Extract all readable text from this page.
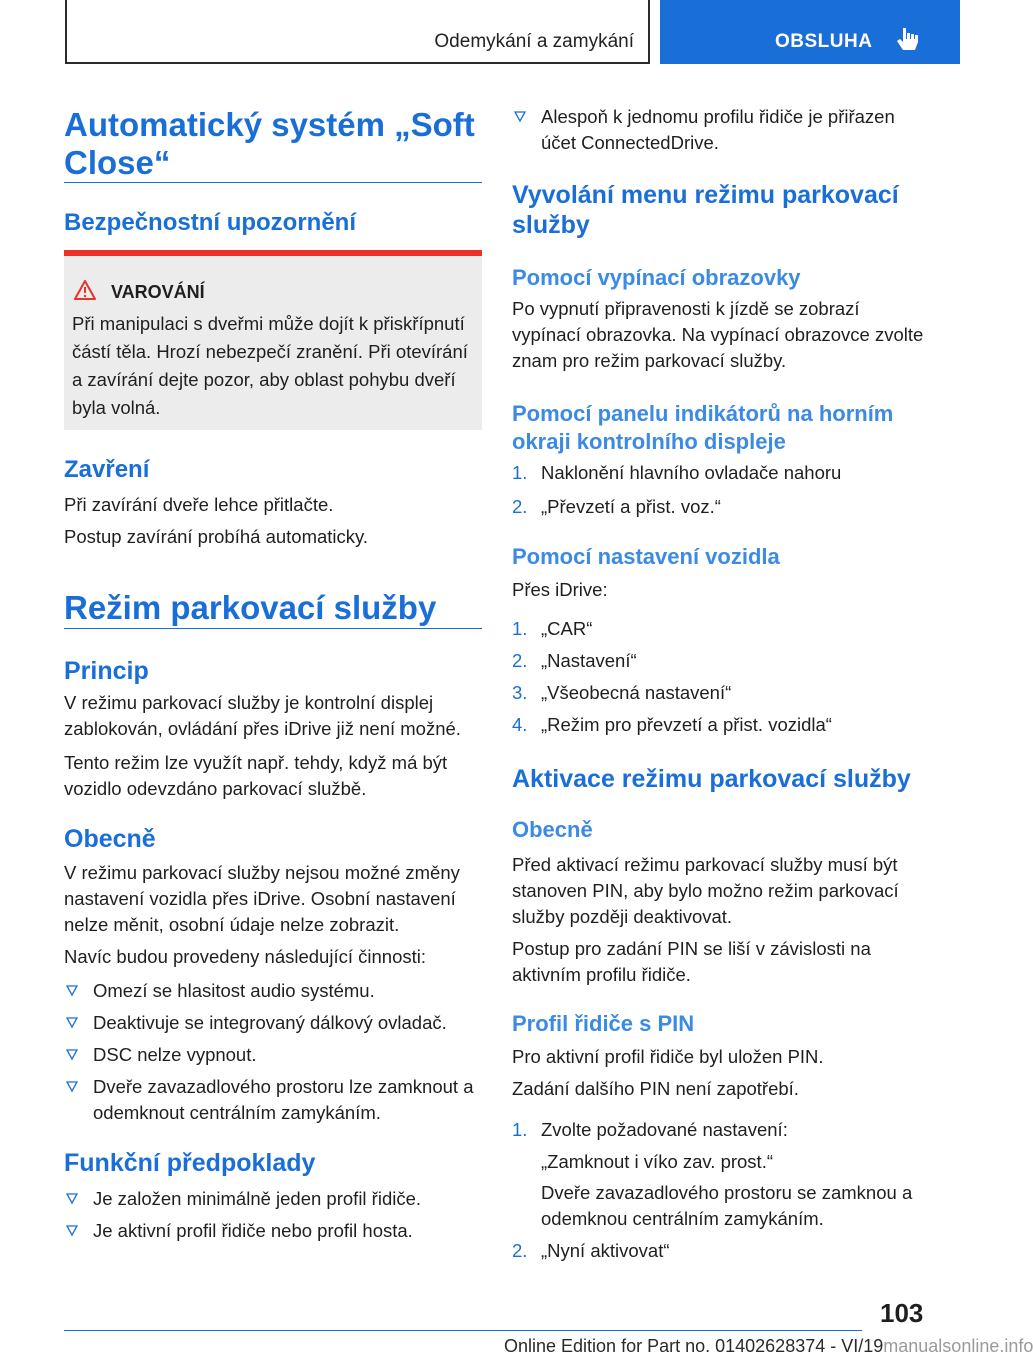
Odemykání a zamykání	OBSLUHA
Automatický systém „Soft Close“
Bezpečnostní upozornění
VAROVÁNÍ
Při manipulaci s dveřmi může dojít k přiskřípnutí částí těla. Hrozí nebezpečí zranění. Při otevírání a zavírání dejte pozor, aby oblast pohybu dveří byla volná.
Zavření
Při zavírání dveře lehce přitlačte.
Postup zavírání probíhá automaticky.
Režim parkovací služby
Princip
V režimu parkovací služby je kontrolní displej zablokován, ovládání přes iDrive již není možné.
Tento režim lze využít např. tehdy, když má být vozidlo odevzdáno parkovací službě.
Obecně
V režimu parkovací služby nejsou možné změny nastavení vozidla přes iDrive. Osobní nastavení nelze měnit, osobní údaje nelze zobrazit.
Navíc budou provedeny následující činnosti:
Omezí se hlasitost audio systému.
Deaktivuje se integrovaný dálkový ovladač.
DSC nelze vypnout.
Dveře zavazadlového prostoru lze zamknout a odemknout centrálním zamykáním.
Funkční předpoklady
Je založen minimálně jeden profil řidiče.
Je aktivní profil řidiče nebo profil hosta.
Alespoň k jednomu profilu řidiče je přiřazen účet ConnectedDrive.
Vyvolání menu režimu parkovací služby
Pomocí vypínací obrazovky
Po vypnutí připravenosti k jízdě se zobrazí vypínací obrazovka. Na vypínací obrazovce zvolte znam pro režim parkovací služby.
Pomocí panelu indikátorů na horním okraji kontrolního displeje
1. Naklonění hlavního ovladače nahoru
2. „Převzetí a přist. voz.“
Pomocí nastavení vozidla
Přes iDrive:
1. „CAR“
2. „Nastavení“
3. „Všeobecná nastavení“
4. „Režim pro převzetí a přist. vozidla“
Aktivace režimu parkovací služby
Obecně
Před aktivací režimu parkovací služby musí být stanoven PIN, aby bylo možno režim parkovací služby později deaktivovat.
Postup pro zadání PIN se liší v závislosti na aktivním profilu řidiče.
Profil řidiče s PIN
Pro aktivní profil řidiče byl uložen PIN.
Zadání dalšího PIN není zapotřebí.
1. Zvolte požadované nastavení:
„Zamknout i víko zav. prost.“
Dveře zavazadlového prostoru se zamknou a odemknou centrálním zamykáním.
2. „Nyní aktivovat“
103
Online Edition for Part no. 01402628374 - VI/19manualsonline.info
